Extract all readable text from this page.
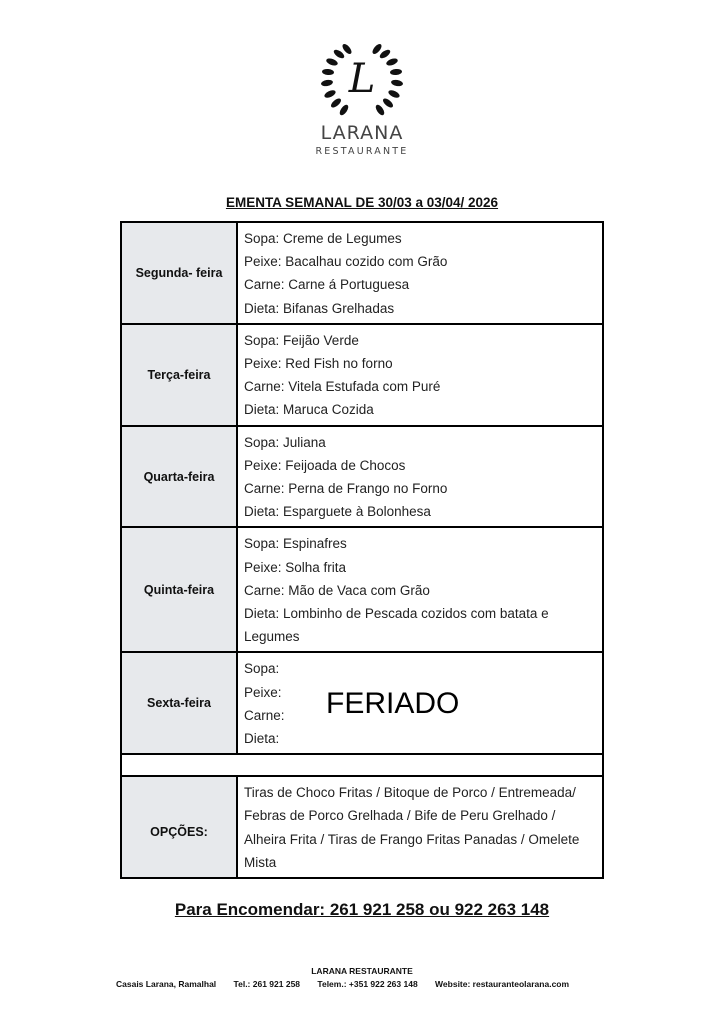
L
LARANA
RESTAURANTE
EMENTA SEMANAL DE 30/03 a 03/04/ 2026
Segunda- feira	Sopa: Creme de Legumes
Peixe: Bacalhau cozido com Grão
Carne: Carne á Portuguesa
Dieta: Bifanas Grelhadas

Terça-feira	Sopa: Feijão Verde
Peixe: Red Fish no forno
Carne: Vitela Estufada com Puré
Dieta: Maruca Cozida

Quarta-feira	Sopa: Juliana
Peixe: Feijoada de Chocos
Carne: Perna de Frango no Forno
Dieta: Esparguete à Bolonhesa

Quinta-feira	Sopa: Espinafres
Peixe: Solha frita
Carne: Mão de Vaca com Grão
Dieta: Lombinho de Pescada cozidos com batata e
Legumes

Sexta-feira	Sopa:
Peixe:
Carne:
Dieta:
FERIADO

OPÇÕES:	Tiras de Choco Fritas / Bitoque de Porco / Entremeada/
Febras de Porco Grelhada / Bife de Peru Grelhado /
Alheira Frita / Tiras de Frango Fritas Panadas / Omelete
Mista
Para Encomendar: 261 921 258 ou 922 263 148
LARANA RESTAURANTE
Casais Larana, Ramalhal Tel.: 261 921 258 Telem.: +351 922 263 148 Website: restauranteolarana.com
